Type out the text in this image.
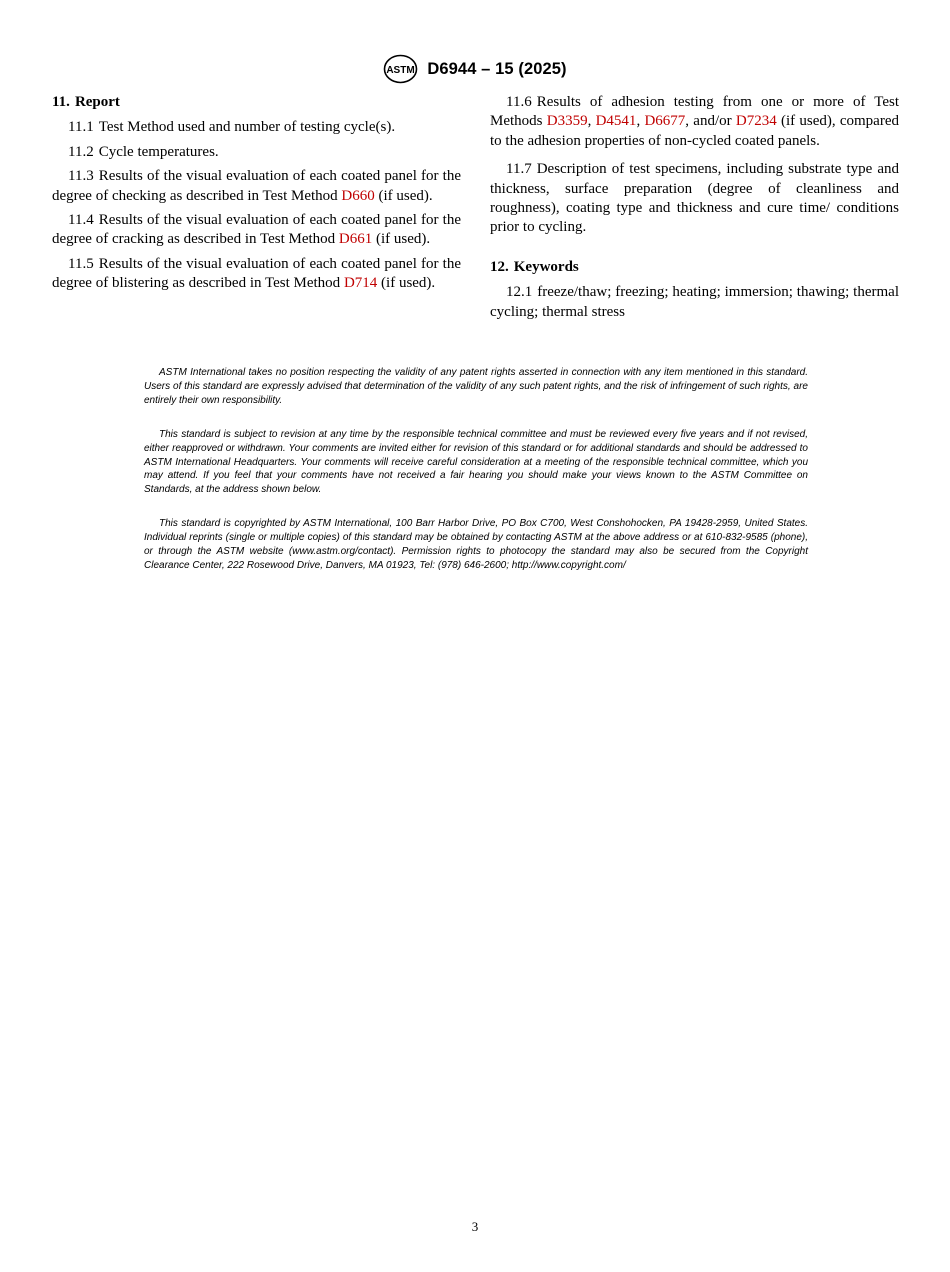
ASTM D6944 – 15 (2025)

11. Report

11.1 Test Method used and number of testing cycle(s).

11.2 Cycle temperatures.

11.3 Results of the visual evaluation of each coated panel for the degree of checking as described in Test Method D660 (if used).

11.4 Results of the visual evaluation of each coated panel for the degree of cracking as described in Test Method D661 (if used).

11.5 Results of the visual evaluation of each coated panel for the degree of blistering as described in Test Method D714 (if used).

11.6 Results of adhesion testing from one or more of Test Methods D3359, D4541, D6677, and/or D7234 (if used), compared to the adhesion properties of non-cycled coated panels.

11.7 Description of test specimens, including substrate type and thickness, surface preparation (degree of cleanliness and roughness), coating type and thickness and cure time/ conditions prior to cycling.

12. Keywords

12.1 freeze/thaw; freezing; heating; immersion; thawing; thermal cycling; thermal stress

ASTM International takes no position respecting the validity of any patent rights asserted in connection with any item mentioned in this standard. Users of this standard are expressly advised that determination of the validity of any such patent rights, and the risk of infringement of such rights, are entirely their own responsibility.

This standard is subject to revision at any time by the responsible technical committee and must be reviewed every five years and if not revised, either reapproved or withdrawn. Your comments are invited either for revision of this standard or for additional standards and should be addressed to ASTM International Headquarters. Your comments will receive careful consideration at a meeting of the responsible technical committee, which you may attend. If you feel that your comments have not received a fair hearing you should make your views known to the ASTM Committee on Standards, at the address shown below.

This standard is copyrighted by ASTM International, 100 Barr Harbor Drive, PO Box C700, West Conshohocken, PA 19428-2959, United States. Individual reprints (single or multiple copies) of this standard may be obtained by contacting ASTM at the above address or at 610-832-9585 (phone), or through the ASTM website (www.astm.org/contact). Permission rights to photocopy the standard may also be secured from the Copyright Clearance Center, 222 Rosewood Drive, Danvers, MA 01923, Tel: (978) 646-2600; http://www.copyright.com/

3
